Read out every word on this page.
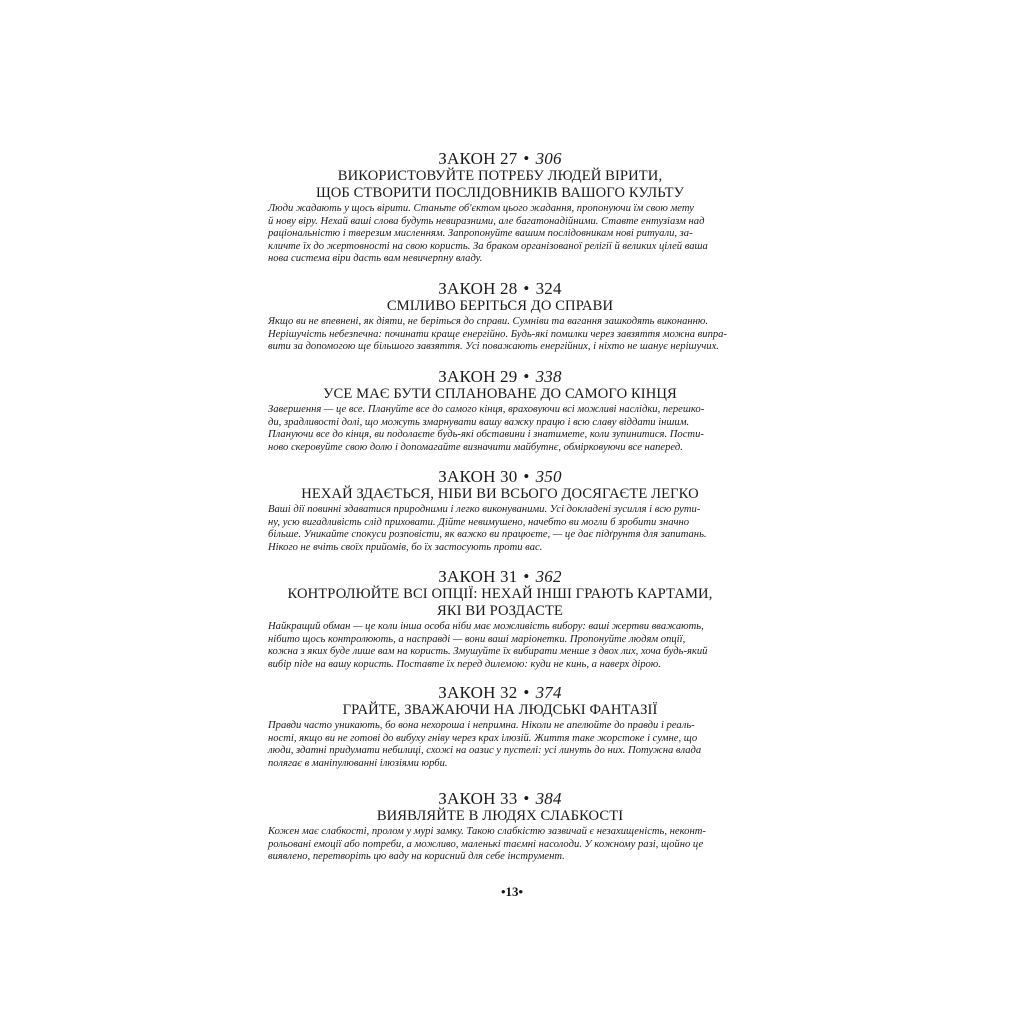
ЗАКОН 27 • 306
ВИКОРИСТОВУЙТЕ ПОТРЕБУ ЛЮДЕЙ ВІРИТИ,
ЩОБ СТВОРИТИ ПОСЛІДОВНИКІВ ВАШОГО КУЛЬТУ
Люди жадають у щось вірити. Станьте об'єктом цього жадання, пропонуючи їм свою мету
й нову віру. Нехай ваші слова будуть невиразними, але багатонадійними. Ставте ентузіазм над
раціональністю і тверезим мисленням. Запропонуйте вашим послідовникам нові ритуали, за-
кличте їх до жертовності на свою користь. За браком організованої релігії й великих цілей ваша
нова система віри дасть вам невичерпну владу.
ЗАКОН 28 • 324
СМІЛИВО БЕРІТЬСЯ ДО СПРАВИ
Якщо ви не впевнені, як діяти, не беріться до справи. Сумніви та вагання зашкодять виконанню.
Нерішучість небезпечна: починати краще енергійно. Будь-які помилки через завзяття можна випра-
вити за допомогою ще більшого завзяття. Усі поважають енергійних, і ніхто не шанує нерішучих.
ЗАКОН 29 • 338
УСЕ МАЄ БУТИ СПЛАНОВАНЕ ДО САМОГО КІНЦЯ
Завершення — це все. Плануйте все до самого кінця, враховуючи всі можливі наслідки, перешко-
ди, зрадливості долі, що можуть змарнувати вашу важку працю і всю славу віддати іншим.
Плануючи все до кінця, ви подолаєте будь-які обставини і знатимете, коли зупинитися. Пости-
ново скеровуйте свою долю і допомагайте визначити майбутнє, обмірковуючи все наперед.
ЗАКОН 30 • 350
НЕХАЙ ЗДАЄТЬСЯ, НІБИ ВИ ВСЬОГО ДОСЯГАЄТЕ ЛЕГКО
Ваші дії повинні здаватися природними і легко виконуваними. Усі докладені зусилля і всю рути-
ну, усю вигадливість слід приховати. Дійте невимушено, начебто ви могли б зробити значно
більше. Уникайте спокуси розповісти, як важко ви працюєте, — це дає підґрунтя для запитань.
Нікого не вчіть своїх прийомів, бо їх застосують проти вас.
ЗАКОН 31 • 362
КОНТРОЛЮЙТЕ ВСІ ОПЦІЇ: НЕХАЙ ІНШІ ГРАЮТЬ КАРТАМИ,
ЯКІ ВИ РОЗДАСТЕ
Найкращий обман — це коли інша особа ніби має можливість вибору: ваші жертви вважають,
нібито щось контролюють, а насправді — вони ваші маріонетки. Пропонуйте людям опції,
кожна з яких буде лише вам на користь. Змушуйте їх вибирати менше з двох лих, хоча будь-який
вибір піде на вашу користь. Поставте їх перед дилемою: куди не кинь, а наверх дірою.
ЗАКОН 32 • 374
ГРАЙТЕ, ЗВАЖАЮЧИ НА ЛЮДСЬКІ ФАНТАЗІЇ
Правди часто уникають, бо вона нехороша і непримна. Ніколи не апелюйте до правди і реаль-
ності, якщо ви не готові до вибуху гніву через крах ілюзій. Життя таке жорстоке і сумне, що
люди, здатні придумати небилиці, схожі на оазис у пустелі: усі линуть до них. Потужна влада
полягає в маніпулюванні ілюзіями юрби.
ЗАКОН 33 • 384
ВИЯВЛЯЙТЕ В ЛЮДЯХ СЛАБКОСТІ
Кожен має слабкості, пролом у мурі замку. Такою слабкістю зазвичай є незахищеність, неконт-
рольовані емоції або потреби, а можливо, маленькі таємні насолоди. У кожному разі, щойно це
виявлено, перетворіть цю ваду на корисний для себе інструмент.
•13•
